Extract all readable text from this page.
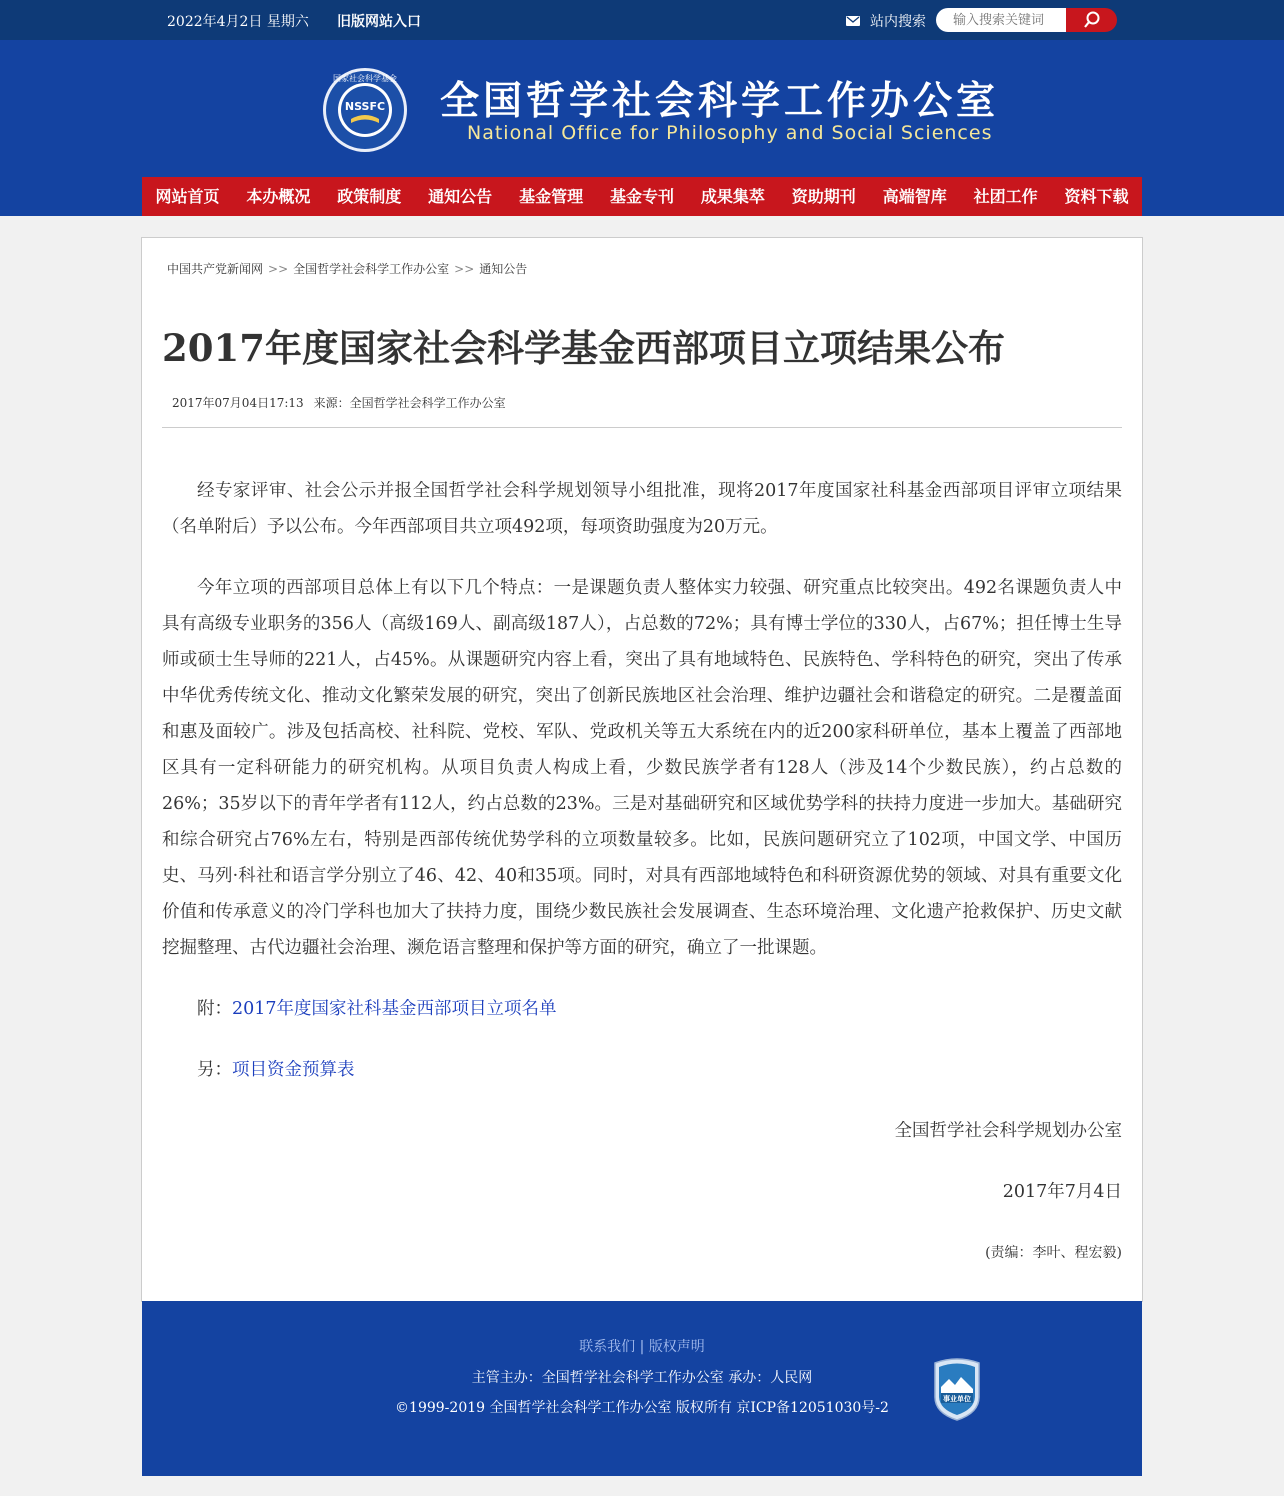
2022年4月2日 星期六 旧版网站入口	站内搜索
输入搜索关键词
NSSFC
国家社会科学基金 全国哲学社会科学工作办公室
National Office for Philosophy and Social Sciences
网站首页	本办概况	政策制度	通知公告	基金管理	基金专刊	成果集萃	资助期刊	高端智库	社团工作	资料下载
中国共产党新闻网 >> 全国哲学社会科学工作办公室 >> 通知公告
2017年度国家社会科学基金西部项目立项结果公布
2017年07月04日17:13 来源：全国哲学社会科学工作办公室

经专家评审、社会公示并报全国哲学社会科学规划领导小组批准，现将2017年度国家社科基金西部项目评审立项结果（名单附后）予以公布。今年西部项目共立项492项，每项资助强度为20万元。

今年立项的西部项目总体上有以下几个特点：一是课题负责人整体实力较强、研究重点比较突出。492名课题负责人中具有高级专业职务的356人（高级169人、副高级187人），占总数的72%；具有博士学位的330人，占67%；担任博士生导师或硕士生导师的221人，占45%。从课题研究内容上看，突出了具有地域特色、民族特色、学科特色的研究，突出了传承中华优秀传统文化、推动文化繁荣发展的研究，突出了创新民族地区社会治理、维护边疆社会和谐稳定的研究。二是覆盖面和惠及面较广。涉及包括高校、社科院、党校、军队、党政机关等五大系统在内的近200家科研单位，基本上覆盖了西部地区具有一定科研能力的研究机构。从项目负责人构成上看，少数民族学者有128人（涉及14个少数民族），约占总数的26%；35岁以下的青年学者有112人，约占总数的23%。三是对基础研究和区域优势学科的扶持力度进一步加大。基础研究和综合研究占76%左右，特别是西部传统优势学科的立项数量较多。比如，民族问题研究立了102项，中国文学、中国历史、马列·科社和语言学分别立了46、42、40和35项。同时，对具有西部地域特色和科研资源优势的领域、对具有重要文化价值和传承意义的冷门学科也加大了扶持力度，围绕少数民族社会发展调查、生态环境治理、文化遗产抢救保护、历史文献挖掘整理、古代边疆社会治理、濒危语言整理和保护等方面的研究，确立了一批课题。

附：2017年度国家社科基金西部项目立项名单

另：项目资金预算表

全国哲学社会科学规划办公室

2017年7月4日

(责编：李叶、程宏毅)

联系我们 | 版权声明
主管主办：全国哲学社会科学工作办公室 承办：人民网
©1999-2019 全国哲学社会科学工作办公室 版权所有 京ICP备12051030号-2
事业单位
